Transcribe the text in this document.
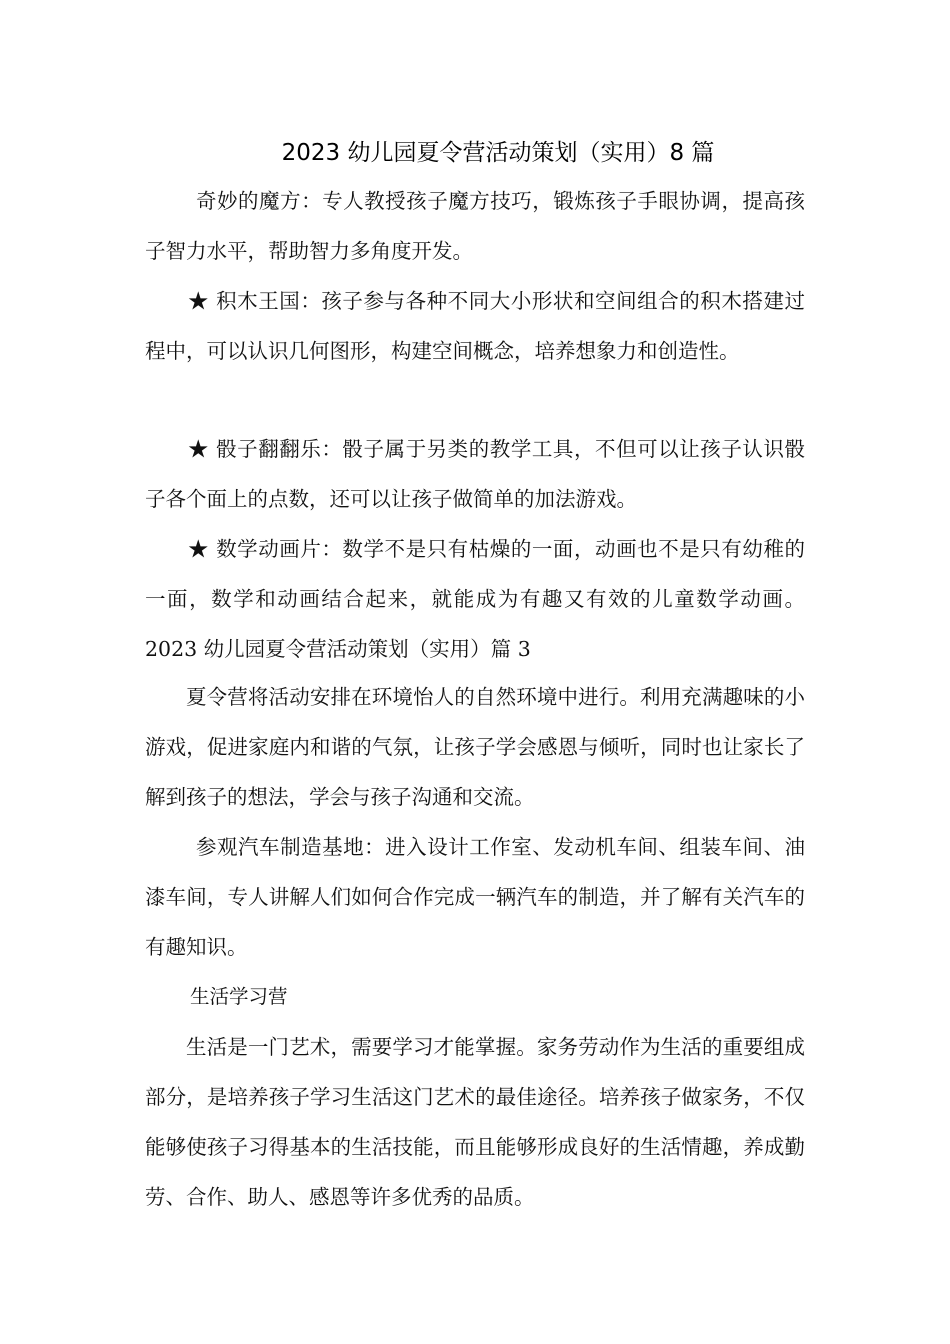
2023 幼儿园夏令营活动策划（实用）8 篇

奇妙的魔方：专人教授孩子魔方技巧，锻炼孩子手眼协调，提高孩子智力水平，帮助智力多角度开发。

★ 积木王国：孩子参与各种不同大小形状和空间组合的积木搭建过程中，可以认识几何图形，构建空间概念，培养想象力和创造性。

★ 骰子翻翻乐：骰子属于另类的教学工具，不但可以让孩子认识骰子各个面上的点数，还可以让孩子做简单的加法游戏。

★ 数学动画片：数学不是只有枯燥的一面，动画也不是只有幼稚的一面，数学和动画结合起来，就能成为有趣又有效的儿童数学动画。2023 幼儿园夏令营活动策划（实用）篇 3

夏令营将活动安排在环境怡人的自然环境中进行。利用充满趣味的小游戏，促进家庭内和谐的气氛，让孩子学会感恩与倾听，同时也让家长了解到孩子的想法，学会与孩子沟通和交流。

参观汽车制造基地：进入设计工作室、发动机车间、组装车间、油漆车间，专人讲解人们如何合作完成一辆汽车的制造，并了解有关汽车的有趣知识。

生活学习营

生活是一门艺术，需要学习才能掌握。家务劳动作为生活的重要组成部分，是培养孩子学习生活这门艺术的最佳途径。培养孩子做家务，不仅能够使孩子习得基本的生活技能，而且能够形成良好的生活情趣，养成勤劳、合作、助人、感恩等许多优秀的品质。
